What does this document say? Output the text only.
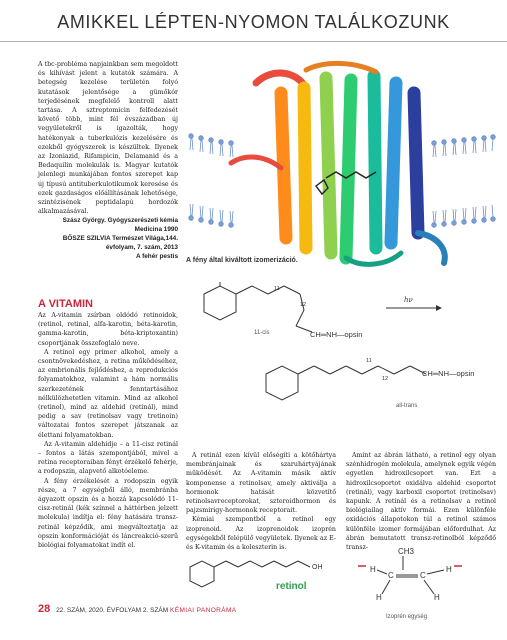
AMIKKEL LÉPTEN-NYOMON TALÁLKOZUNK

A tbc-probléma napjainkban sem megoldott és kihívást jelent a kutatók számára. A betegség kezelése területén folyó kutatások jelentősége a gümőkór terjedésének megfelelő kontroll alatt tartása. A sztreptomicin felfedezését követő több, mint fél évszázadban új vegyületekről is igazolták, hogy hatékonyak a tuberkulózis kezelésére és ezekből gyógyszerek is készültek. Ilyenek az Izoniazid, Rifampicin, Delamanid és a Bedaquilin molekulák is. Magyar kutatók jelenlegi munkájában fontos szerepet kap új típusú antituberkulotikumok keresése és ezek gazdaságos előállításának lehetősége, szintézisének peptidalapú hordozók alkalmazásával.

Szász György. Gyógyszerészeti kémia
Medicina 1990
BŐSZE SZILVIA Természet Világa,144.
évfolyam, 7. szám, 2013
A fehér pestis
A VITAMIN

Az A-vitamin zsírban oldódó retinoidok, (retinol, retinal, alfa-karotin, béta-karotin, gamma-karotin, béta-kriptoxantin) csoportjának összefoglaló neve.

A retinol egy primer alkohol, amely a csontnövekedéshez, a retina működéséhez, az embrionális fejlődéshez, a reprodukciós folyamatokhoz, valamint a hám normális szerkezetének fenntartásához nélkülözhetetlen vitamin. Mind az alkohol (retinol), mind az aldehid (retinál), mind pedig a sav (retinolsav vagy tretinoin) változatai fontos szerepet játszanak az élettani folyamatokban.

Az A-vitamin aldehidje – a 11-cisz retinál – fontos a látás szempontjából, mivel a retina receptoraiban fényt érzékelő fehérje, a rodopszin, alapvető alkotóeleme.

A fény érzékelését a rodopszin egyik része, a 7 egységből álló, membránba ágyazott opszin és a hozzá kapcsolódó 11-cisz-retinál (kék színnel a háttérben jelzett molekula) indítja el: fény hatására transz-retinál képződik, ami megváltoztatja az opszin konformációját és láncreakció-szerű biológiai folyamatokat indít el.

A fény által kiváltott izomerizáció.
11
12
CH═NH—opsin
11-cis
hν
11
12
CH═NH—opsin
all-trans

A retinál ezen kívül előségíti a kötőhártya membránjainak és szaruhártyájának működését. Az A-vitamin másik aktív komponense a retinolsav, amely aktiválja a hormonok hatását közvetítő retinolsavreceptorokat, szteroidhormon és pajzsmirigy-hormonok receptorait.

Kémiai szempontból a retinol egy izoprenoid. Az izoprenoidok izoprén egységekből felépülő vegyületek. Ilyenek az E- és K-vitamin és a koleszterin is.

Amint az ábrán látható, a retinol egy olyan szénhidrogén molekula, amelynek egyik végén egyetlen hidroxilcsoport van. Ezt a hidroxilcsoportot oxidálva aldehid csoportot (retinál), vagy karboxil csoportot (retinolsav) kapunk. A retinál és a retinolsav a retinol biológiailag aktív formái. Ezen különféle oxidációs állapotokon túl a retinol számos különféle izomer formájában előfordulhat. Az ábrán bemutatott transz-retinolból képződő transz-

OH
retinol
CH3
C	C
H
H	H
H
Izoprén egység
28 22. SZÁM, 2020. ÉVFOLYAM 2. SZÁM KÉMIAI PANORÁMA
